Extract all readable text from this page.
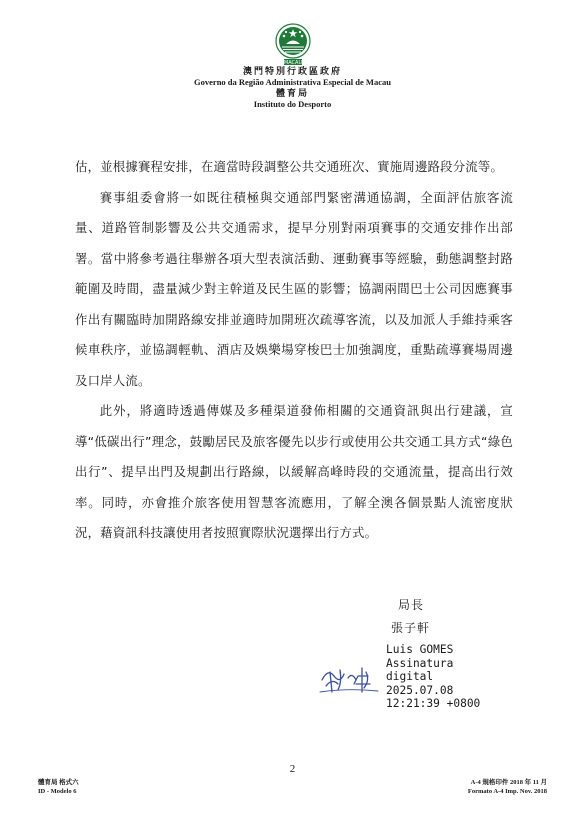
MACAU
澳門特別行政區政府
Governo da Região Administrativa Especial de Macau
體育局
Instituto do Desporto

估，並根據賽程安排，在適當時段調整公共交通班次、實施周邊路段分流等。

賽事組委會將一如既往積極與交通部門緊密溝通協調，全面評估旅客流量、道路管制影響及公共交通需求，提早分別對兩項賽事的交通安排作出部署。當中將參考過往舉辦各項大型表演活動、運動賽事等經驗，動態調整封路範圍及時間，盡量減少對主幹道及民生區的影響；協調兩間巴士公司因應賽事作出有關臨時加開路線安排並適時加開班次疏導客流，以及加派人手維持乘客候車秩序，並協調輕軌、酒店及娛樂場穿梭巴士加強調度，重點疏導賽場周邊及口岸人流。

此外，將適時透過傳媒及多種渠道發佈相關的交通資訊與出行建議，宣導“低碳出行”理念，鼓勵居民及旅客優先以步行或使用公共交通工具方式“綠色出行”、提早出門及規劃出行路線，以緩解高峰時段的交通流量，提高出行效率。同時，亦會推介旅客使用智慧客流應用，了解全澳各個景點人流密度狀況，藉資訊科技讓使用者按照實際狀況選擇出行方式。

局長
張子軒
Luis GOMES
Assinatura
digital
2025.07.08
12:21:39 +0800
2
體育局 格式六
ID - Modelo 6
A-4 規格印件 2018 年 11 月
Formato A-4 Imp. Nov. 2018
